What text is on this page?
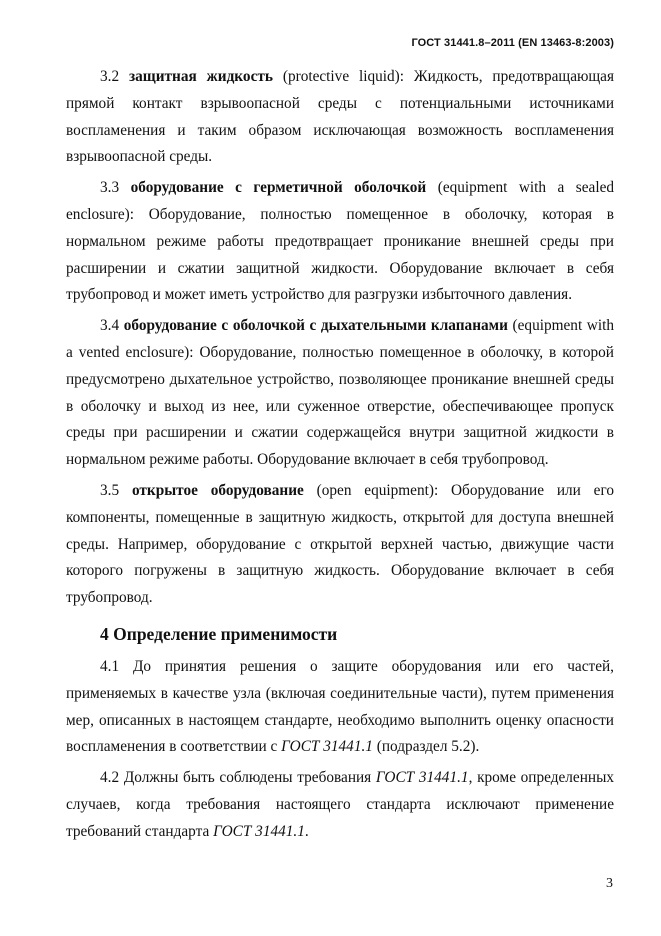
ГОСТ 31441.8–2011 (EN 13463-8:2003)

3.2 защитная жидкость (protective liquid): Жидкость, предотвращающая прямой контакт взрывоопасной среды с потенциальными источниками воспламенения и таким образом исключающая возможность воспламенения взрывоопасной среды.

3.3 оборудование с герметичной оболочкой (equipment with a sealed enclosure): Оборудование, полностью помещенное в оболочку, которая в нормальном режиме работы предотвращает проникание внешней среды при расширении и сжатии защитной жидкости. Оборудование включает в себя трубопровод и может иметь устройство для разгрузки избыточного давления.

3.4 оборудование с оболочкой с дыхательными клапанами (equipment with a vented enclosure): Оборудование, полностью помещенное в оболочку, в которой предусмотрено дыхательное устройство, позволяющее проникание внешней среды в оболочку и выход из нее, или суженное отверстие, обеспечивающее пропуск среды при расширении и сжатии содержащейся внутри защитной жидкости в нормальном режиме работы. Оборудование включает в себя трубопровод.

3.5 открытое оборудование (open equipment): Оборудование или его компоненты, помещенные в защитную жидкость, открытой для доступа внешней среды. Например, оборудование с открытой верхней частью, движущие части которого погружены в защитную жидкость. Оборудование включает в себя трубопровод.

4 Определение применимости

4.1 До принятия решения о защите оборудования или его частей, применяемых в качестве узла (включая соединительные части), путем применения мер, описанных в настоящем стандарте, необходимо выполнить оценку опасности воспламенения в соответствии с ГОСТ 31441.1 (подраздел 5.2).

4.2 Должны быть соблюдены требования ГОСТ 31441.1, кроме определенных случаев, когда требования настоящего стандарта исключают применение требований стандарта ГОСТ 31441.1.

3
